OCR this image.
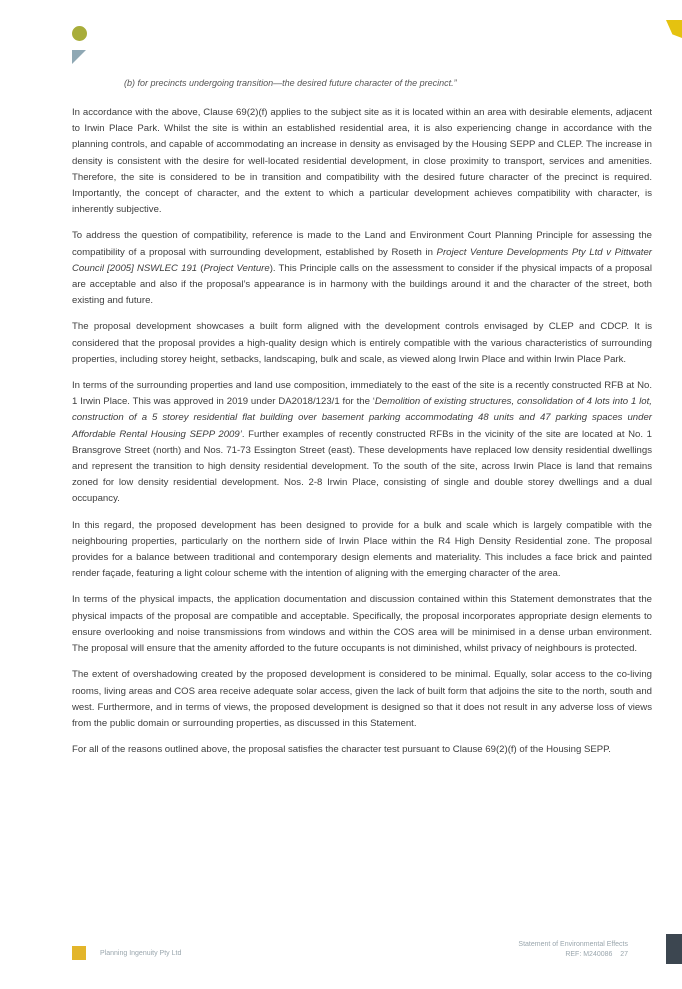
(b) for precincts undergoing transition—the desired future character of the precinct.”

In accordance with the above, Clause 69(2)(f) applies to the subject site as it is located within an area with desirable elements, adjacent to Irwin Place Park. Whilst the site is within an established residential area, it is also experiencing change in accordance with the planning controls, and capable of accommodating an increase in density as envisaged by the Housing SEPP and CLEP. The increase in density is consistent with the desire for well-located residential development, in close proximity to transport, services and amenities. Therefore, the site is considered to be in transition and compatibility with the desired future character of the precinct is required. Importantly, the concept of character, and the extent to which a particular development achieves compatibility with character, is inherently subjective.

To address the question of compatibility, reference is made to the Land and Environment Court Planning Principle for assessing the compatibility of a proposal with surrounding development, established by Roseth in Project Venture Developments Pty Ltd v Pittwater Council [2005] NSWLEC 191 (Project Venture). This Principle calls on the assessment to consider if the physical impacts of a proposal are acceptable and also if the proposal’s appearance is in harmony with the buildings around it and the character of the street, both existing and future.

The proposal development showcases a built form aligned with the development controls envisaged by CLEP and CDCP. It is considered that the proposal provides a high-quality design which is entirely compatible with the various characteristics of surrounding properties, including storey height, setbacks, landscaping, bulk and scale, as viewed along Irwin Place and within Irwin Place Park.

In terms of the surrounding properties and land use composition, immediately to the east of the site is a recently constructed RFB at No. 1 Irwin Place. This was approved in 2019 under DA2018/123/1 for the ‘Demolition of existing structures, consolidation of 4 lots into 1 lot, construction of a 5 storey residential flat building over basement parking accommodating 48 units and 47 parking spaces under Affordable Rental Housing SEPP 2009’. Further examples of recently constructed RFBs in the vicinity of the site are located at No. 1 Bransgrove Street (north) and Nos. 71-73 Essington Street (east). These developments have replaced low density residential dwellings and represent the transition to high density residential development. To the south of the site, across Irwin Place is land that remains zoned for low density residential development. Nos. 2-8 Irwin Place, consisting of single and double storey dwellings and a dual occupancy.

In this regard, the proposed development has been designed to provide for a bulk and scale which is largely compatible with the neighbouring properties, particularly on the northern side of Irwin Place within the R4 High Density Residential zone. The proposal provides for a balance between traditional and contemporary design elements and materiality. This includes a face brick and painted render façade, featuring a light colour scheme with the intention of aligning with the emerging character of the area.

In terms of the physical impacts, the application documentation and discussion contained within this Statement demonstrates that the physical impacts of the proposal are compatible and acceptable. Specifically, the proposal incorporates appropriate design elements to ensure overlooking and noise transmissions from windows and within the COS area will be minimised in a dense urban environment. The proposal will ensure that the amenity afforded to the future occupants is not diminished, whilst privacy of neighbours is protected.

The extent of overshadowing created by the proposed development is considered to be minimal. Equally, solar access to the co-living rooms, living areas and COS area receive adequate solar access, given the lack of built form that adjoins the site to the north, south and west. Furthermore, and in terms of views, the proposed development is designed so that it does not result in any adverse loss of views from the public domain or surrounding properties, as discussed in this Statement.

For all of the reasons outlined above, the proposal satisfies the character test pursuant to Clause 69(2)(f) of the Housing SEPP.

Planning Ingenuity Pty Ltd
Statement of Environmental Effects
REF: M240086 27
